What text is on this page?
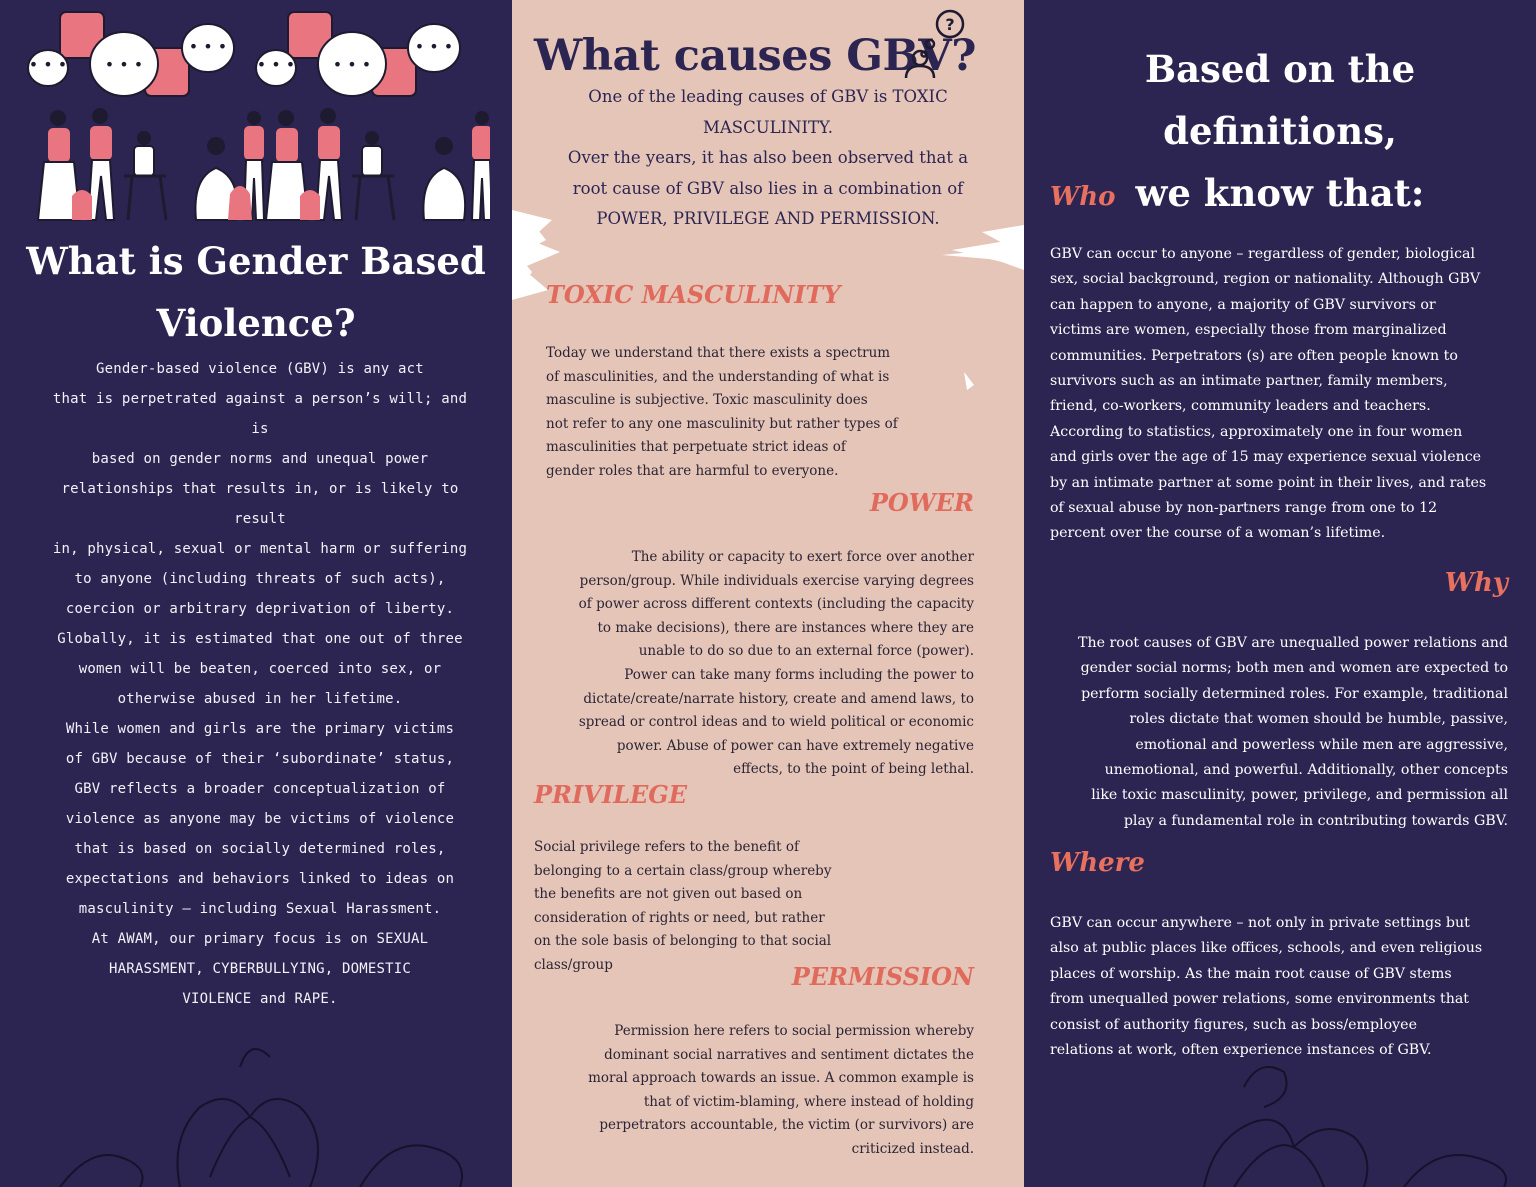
• • • • • •
• • •
• • • • • •
• • •
What is Gender Based
Violence?

Gender-based violence (GBV) is any act
that is perpetrated against a person’s will; and is
based on gender norms and unequal power
relationships that results in, or is likely to result
in, physical, sexual or mental harm or suffering
to anyone (including threats of such acts),
coercion or arbitrary deprivation of liberty.
Globally, it is estimated that one out of three
women will be beaten, coerced into sex, or
otherwise abused in her lifetime.

While women and girls are the primary victims
of GBV because of their ‘subordinate’ status,
GBV reflects a broader conceptualization of
violence as anyone may be victims of violence
that is based on socially determined roles,
expectations and behaviors linked to ideas on
masculinity – including Sexual Harassment.
At AWAM, our primary focus is on SEXUAL
HARASSMENT, CYBERBULLYING, DOMESTIC
VIOLENCE and RAPE.

What causes GBV?
?

One of the leading causes of GBV is TOXIC
MASCULINITY.
Over the years, it has also been observed that a
root cause of GBV also lies in a combination of
POWER, PRIVILEGE AND PERMISSION.

TOXIC MASCULINITY

Today we understand that there exists a spectrum
of masculinities, and the understanding of what is
masculine is subjective. Toxic masculinity does
not refer to any one masculinity but rather types of
masculinities that perpetuate strict ideas of
gender roles that are harmful to everyone.

POWER

The ability or capacity to exert force over another
person/group. While individuals exercise varying degrees
of power across different contexts (including the capacity
to make decisions), there are instances where they are
unable to do so due to an external force (power).
Power can take many forms including the power to
dictate/create/narrate history, create and amend laws, to
spread or control ideas and to wield political or economic
power. Abuse of power can have extremely negative
effects, to the point of being lethal.

PRIVILEGE

Social privilege refers to the benefit of
belonging to a certain class/group whereby
the benefits are not given out based on
consideration of rights or need, but rather
on the sole basis of belonging to that social
class/group	PERMISSION

Permission here refers to social permission whereby
dominant social narratives and sentiment dictates the
moral approach towards an issue. A common example is
that of victim-blaming, where instead of holding
perpetrators accountable, the victim (or survivors) are
criticized instead.

Based on the definitions,
we know that:
Who

GBV can occur to anyone – regardless of gender, biological
sex, social background, region or nationality. Although GBV
can happen to anyone, a majority of GBV survivors or
victims are women, especially those from marginalized
communities. Perpetrators (s) are often people known to
survivors such as an intimate partner, family members,
friend, co-workers, community leaders and teachers.
According to statistics, approximately one in four women
and girls over the age of 15 may experience sexual violence
by an intimate partner at some point in their lives, and rates
of sexual abuse by non-partners range from one to 12
percent over the course of a woman’s lifetime.

Why

The root causes of GBV are unequalled power relations and
gender social norms; both men and women are expected to
perform socially determined roles. For example, traditional
roles dictate that women should be humble, passive,
emotional and powerless while men are aggressive,
unemotional, and powerful. Additionally, other concepts
like toxic masculinity, power, privilege, and permission all
play a fundamental role in contributing towards GBV.

Where

GBV can occur anywhere – not only in private settings but
also at public places like offices, schools, and even religious
places of worship. As the main root cause of GBV stems
from unequalled power relations, some environments that
consist of authority figures, such as boss/employee
relations at work, often experience instances of GBV.
